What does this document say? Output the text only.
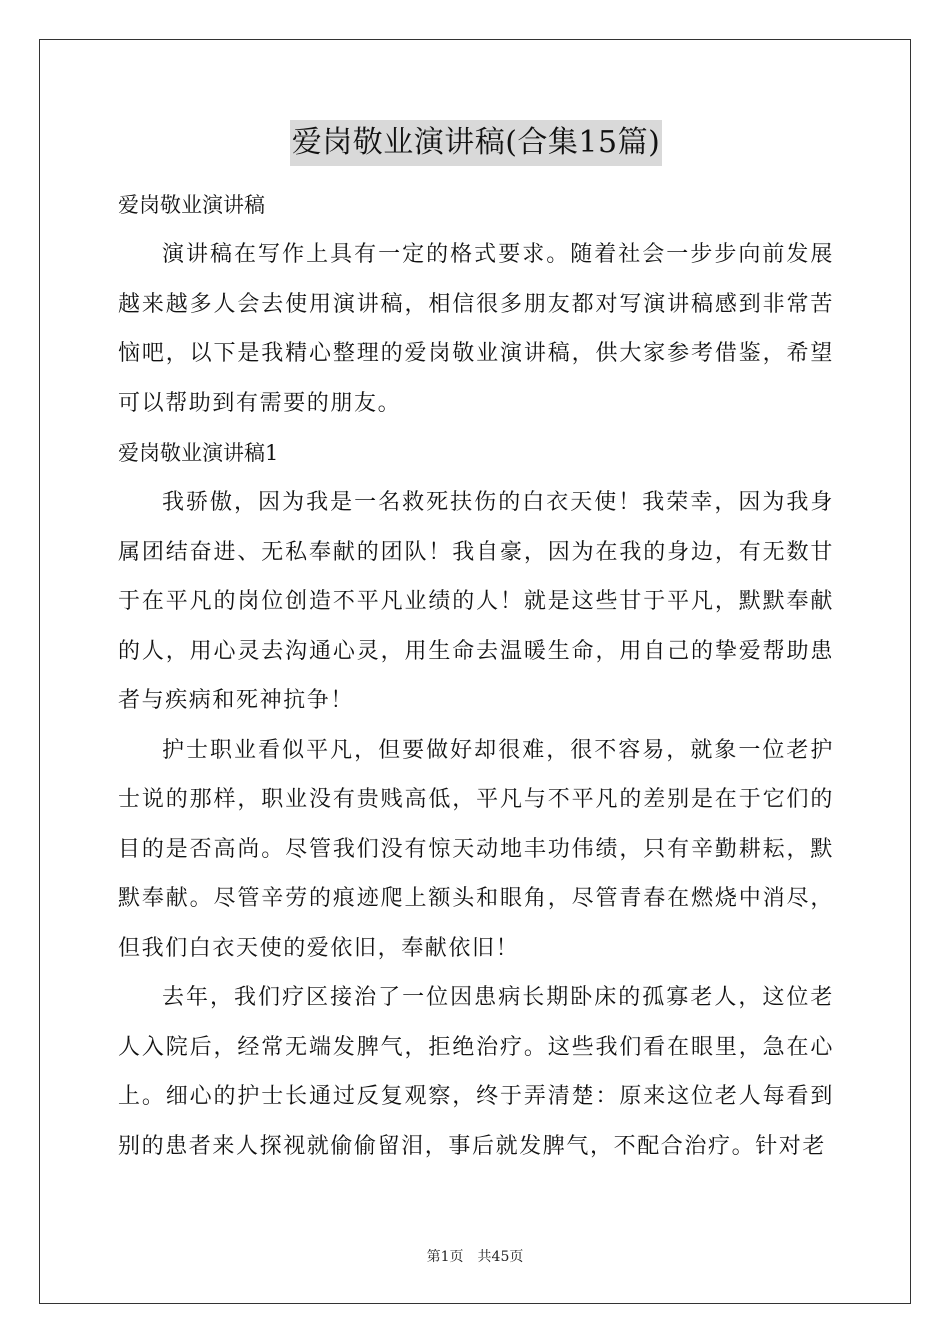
爱岗敬业演讲稿(合集15篇)

爱岗敬业演讲稿

演讲稿在写作上具有一定的格式要求。随着社会一步步向前发展越来越多人会去使用演讲稿，相信很多朋友都对写演讲稿感到非常苦恼吧，以下是我精心整理的爱岗敬业演讲稿，供大家参考借鉴，希望可以帮助到有需要的朋友。

爱岗敬业演讲稿1

我骄傲，因为我是一名救死扶伤的白衣天使！我荣幸，因为我身属团结奋进、无私奉献的团队！我自豪，因为在我的身边，有无数甘于在平凡的岗位创造不平凡业绩的人！就是这些甘于平凡，默默奉献的人，用心灵去沟通心灵，用生命去温暖生命，用自己的挚爱帮助患者与疾病和死神抗争！

护士职业看似平凡，但要做好却很难，很不容易，就象一位老护士说的那样，职业没有贵贱高低，平凡与不平凡的差别是在于它们的目的是否高尚。尽管我们没有惊天动地丰功伟绩，只有辛勤耕耘，默默奉献。尽管辛劳的痕迹爬上额头和眼角，尽管青春在燃烧中消尽，但我们白衣天使的爱依旧，奉献依旧！

去年，我们疗区接治了一位因患病长期卧床的孤寡老人，这位老人入院后，经常无端发脾气，拒绝治疗。这些我们看在眼里，急在心上。细心的护士长通过反复观察，终于弄清楚：原来这位老人每看到别的患者来人探视就偷偷留泪，事后就发脾气，不配合治疗。针对老

第1页 共45页
